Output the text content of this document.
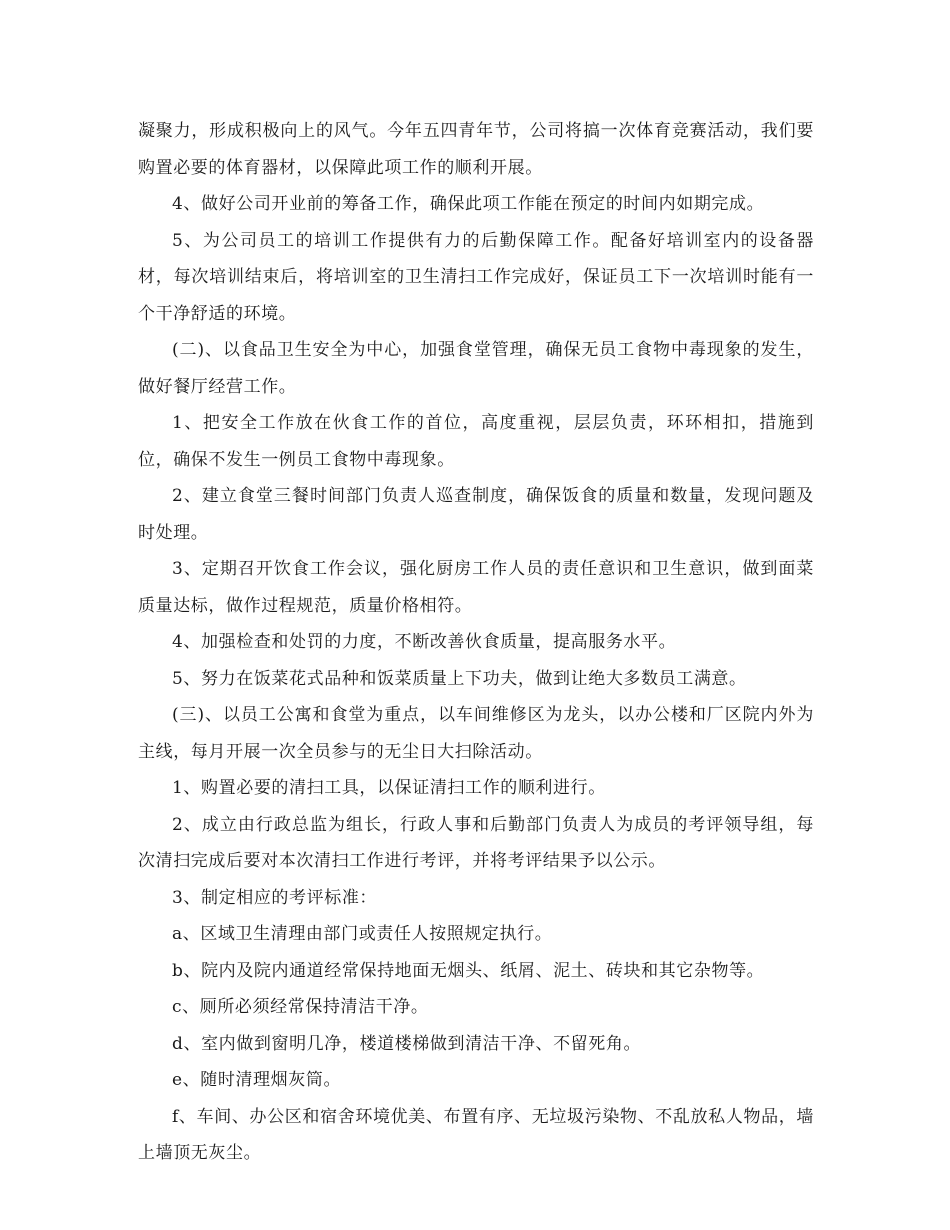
凝聚力，形成积极向上的风气。今年五四青年节，公司将搞一次体育竞赛活动，我们要购置必要的体育器材，以保障此项工作的顺利开展。

4、做好公司开业前的筹备工作，确保此项工作能在预定的时间内如期完成。

5、为公司员工的培训工作提供有力的后勤保障工作。配备好培训室内的设备器材，每次培训结束后，将培训室的卫生清扫工作完成好，保证员工下一次培训时能有一个干净舒适的环境。

(二)、以食品卫生安全为中心，加强食堂管理，确保无员工食物中毒现象的发生，做好餐厅经营工作。

1、把安全工作放在伙食工作的首位，高度重视，层层负责，环环相扣，措施到位，确保不发生一例员工食物中毒现象。

2、建立食堂三餐时间部门负责人巡查制度，确保饭食的质量和数量，发现问题及时处理。

3、定期召开饮食工作会议，强化厨房工作人员的责任意识和卫生意识，做到面菜质量达标，做作过程规范，质量价格相符。

4、加强检查和处罚的力度，不断改善伙食质量，提高服务水平。

5、努力在饭菜花式品种和饭菜质量上下功夫，做到让绝大多数员工满意。

(三)、以员工公寓和食堂为重点，以车间维修区为龙头，以办公楼和厂区院内外为主线，每月开展一次全员参与的无尘日大扫除活动。

1、购置必要的清扫工具，以保证清扫工作的顺利进行。

2、成立由行政总监为组长，行政人事和后勤部门负责人为成员的考评领导组，每次清扫完成后要对本次清扫工作进行考评，并将考评结果予以公示。

3、制定相应的考评标准：

a、区域卫生清理由部门或责任人按照规定执行。

b、院内及院内通道经常保持地面无烟头、纸屑、泥土、砖块和其它杂物等。

c、厕所必须经常保持清洁干净。

d、室内做到窗明几净，楼道楼梯做到清洁干净、不留死角。

e、随时清理烟灰筒。

f、车间、办公区和宿舍环境优美、布置有序、无垃圾污染物、不乱放私人物品，墙上墙顶无灰尘。
